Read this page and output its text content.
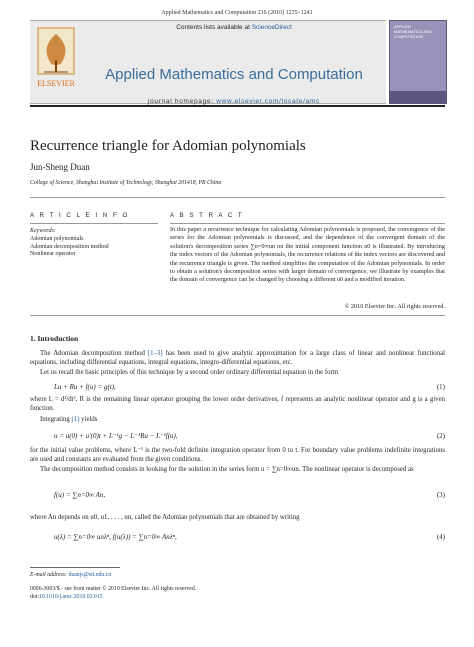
Applied Mathematics and Computation 216 (2010) 1235–1241
ELSEVIER
Contents lists available at ScienceDirect
Applied Mathematics and Computation
journal homepage: www.elsevier.com/locate/amc
APPLIED MATHEMATICS AND COMPUTATION
Recurrence triangle for Adomian polynomials
Jun-Sheng Duan
College of Science, Shanghai Institute of Technology, Shanghai 201418, PR China
A R T I C L E I N F O	A B S T R A C T
Keywords:
Adomian polynomials
Adomian decomposition method
Nonlinear operator
In this paper a recurrence technique for calculating Adomian polynomials is proposed, the convergence of the series for the Adomian polynomials is discussed, and the dependence of the convergent domain of the solution's decomposition series ∑n=0∞un on the initial component function u0 is illustrated. By introducing the index vectors of the Adomian polynomials, the recurrence relations of the index vectors are discovered and the recurrence triangle is given. The method simplifies the computation of the Adomian polynomials. In order to obtain a solution's decomposition series with larger domain of convergence, we illustrate by examples that the domain of convergence can be changed by choosing a different u0 and a modified iteration.
© 2010 Elsevier Inc. All rights reserved.
1. Introduction
The Adomian decomposition method [1–3] has been used to give analytic approximation for a large class of linear and nonlinear functional equations, including differential equations, integral equations, integro-differential equations, etc.
Let us recall the basic principles of this technique by a second order ordinary differential equation in the form
Lu + Ru + f(u) = g(t),	(1)
where L = d²/dt², R is the remaining linear operator grouping the lower order derivatives, f represents an analytic nonlinear operator and g is a given function.
Integrating (1) yields
u = u(0) + u′(0)t + L⁻¹g − L⁻¹Ru − L⁻¹f(u),	(2)
for the initial value problems, where L⁻¹ is the two-fold definite integration operator from 0 to t. For boundary value problems indefinite integrations are used and constants are evaluated from the given conditions.
The decomposition method consists in looking for the solution in the series form u = ∑n=0∞un. The nonlinear operator is decomposed as
f(u) = ∑n=0∞ An,	(3)
where An depends on u0, u1, . . . , un, called the Adomian polynomials that are obtained by writing
u(λ) = ∑n=0∞ unλⁿ, f(u(λ)) = ∑n=0∞ Anλⁿ,	(4)
E-mail address: duanjs@sit.edu.cn
0096-3003/$ - see front matter © 2010 Elsevier Inc. All rights reserved.
doi:10.1016/j.amc.2010.02.015
